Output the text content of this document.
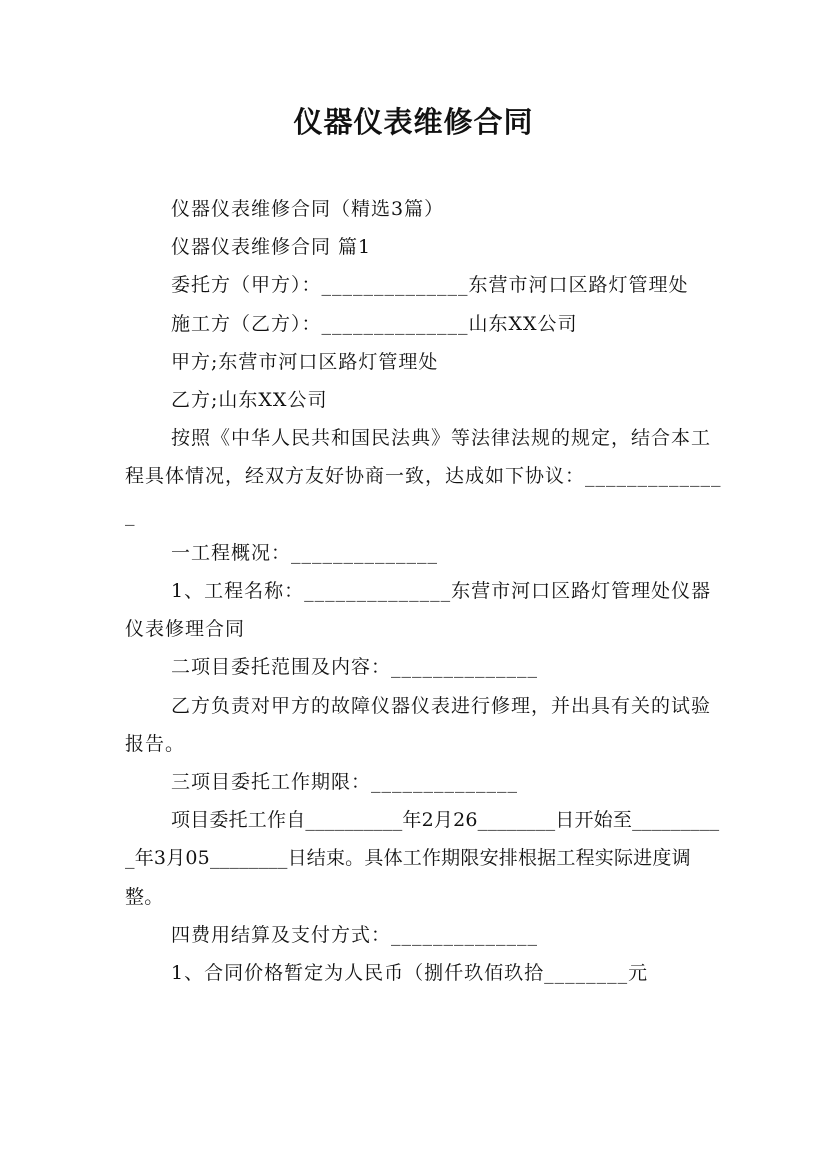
仪器仪表维修合同

仪器仪表维修合同（精选3篇）

仪器仪表维修合同 篇1

委托方（甲方）：______________东营市河口区路灯管理处

施工方（乙方）：______________山东XX公司

甲方;东营市河口区路灯管理处

乙方;山东XX公司

按照《中华人民共和国民法典》等法律法规的规定，结合本工程具体情况，经双方友好协商一致，达成如下协议：______________

一工程概况：______________

1、工程名称：______________东营市河口区路灯管理处仪器仪表修理合同

二项目委托范围及内容：______________

乙方负责对甲方的故障仪器仪表进行修理，并出具有关的试验报告。

三项目委托工作期限：______________

项目委托工作自__________年2月26________日开始至__________年3月05________日结束。具体工作期限安排根据工程实际进度调整。

四费用结算及支付方式：______________

1、合同价格暂定为人民币（捌仟玖佰玖拾________元
